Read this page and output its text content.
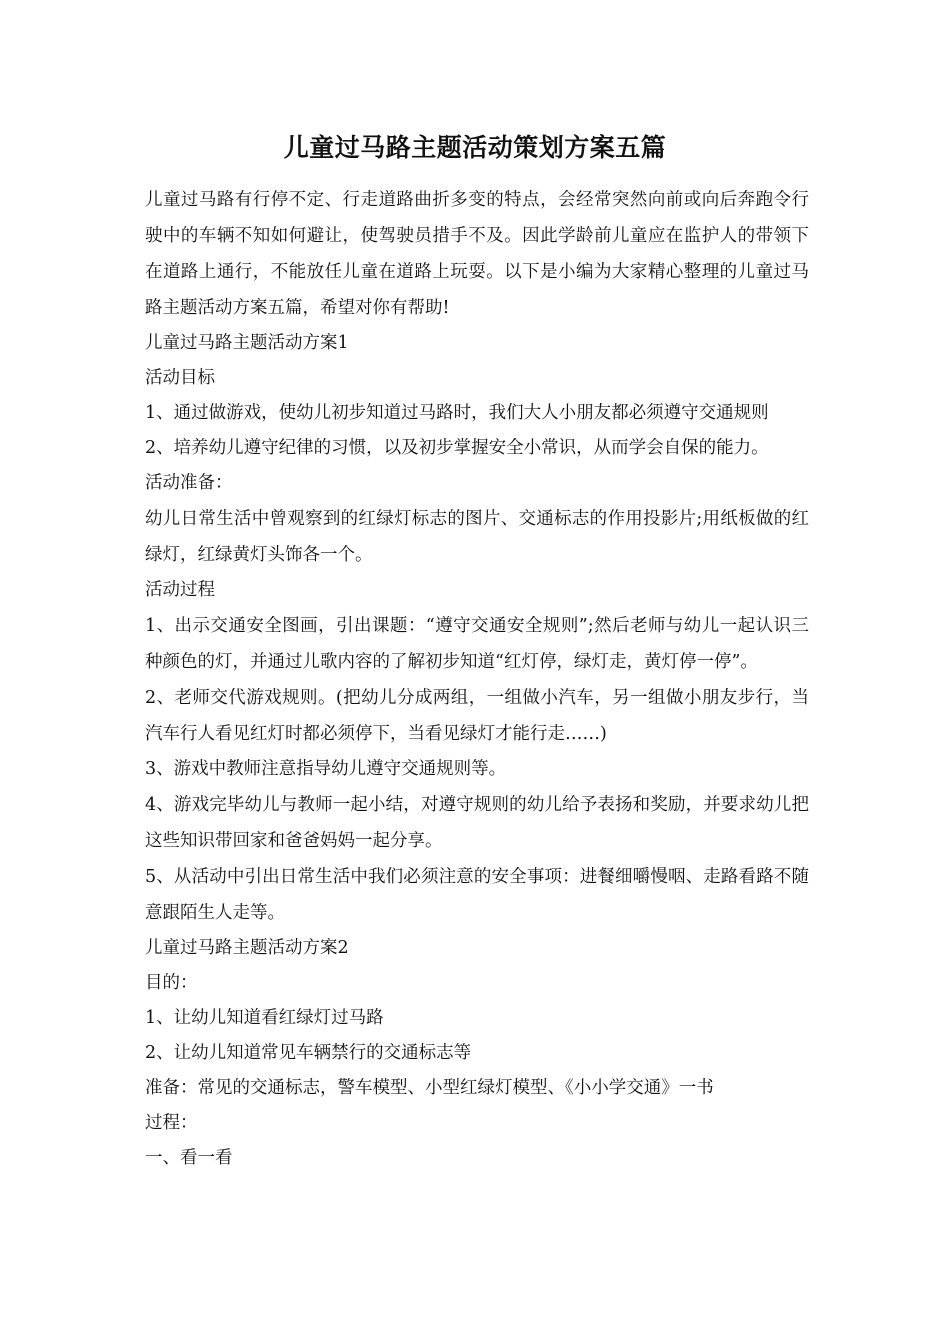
儿童过马路主题活动策划方案五篇

儿童过马路有行停不定、行走道路曲折多变的特点，会经常突然向前或向后奔跑令行驶中的车辆不知如何避让，使驾驶员措手不及。因此学龄前儿童应在监护人的带领下在道路上通行，不能放任儿童在道路上玩耍。以下是小编为大家精心整理的儿童过马路主题活动方案五篇，希望对你有帮助!

儿童过马路主题活动方案1

活动目标

1、通过做游戏，使幼儿初步知道过马路时，我们大人小朋友都必须遵守交通规则

2、培养幼儿遵守纪律的习惯，以及初步掌握安全小常识，从而学会自保的能力。

活动准备：

幼儿日常生活中曾观察到的红绿灯标志的图片、交通标志的作用投影片;用纸板做的红绿灯，红绿黄灯头饰各一个。

活动过程

1、出示交通安全图画，引出课题：“遵守交通安全规则”;然后老师与幼儿一起认识三种颜色的灯，并通过儿歌内容的了解初步知道“红灯停，绿灯走，黄灯停一停”。

2、老师交代游戏规则。(把幼儿分成两组，一组做小汽车，另一组做小朋友步行，当汽车行人看见红灯时都必须停下，当看见绿灯才能行走……)

3、游戏中教师注意指导幼儿遵守交通规则等。

4、游戏完毕幼儿与教师一起小结，对遵守规则的幼儿给予表扬和奖励，并要求幼儿把这些知识带回家和爸爸妈妈一起分享。

5、从活动中引出日常生活中我们必须注意的安全事项：进餐细嚼慢咽、走路看路不随意跟陌生人走等。

儿童过马路主题活动方案2

目的：

1、让幼儿知道看红绿灯过马路

2、让幼儿知道常见车辆禁行的交通标志等

准备：常见的交通标志，警车模型、小型红绿灯模型、《小小学交通》一书

过程：

一、看一看
